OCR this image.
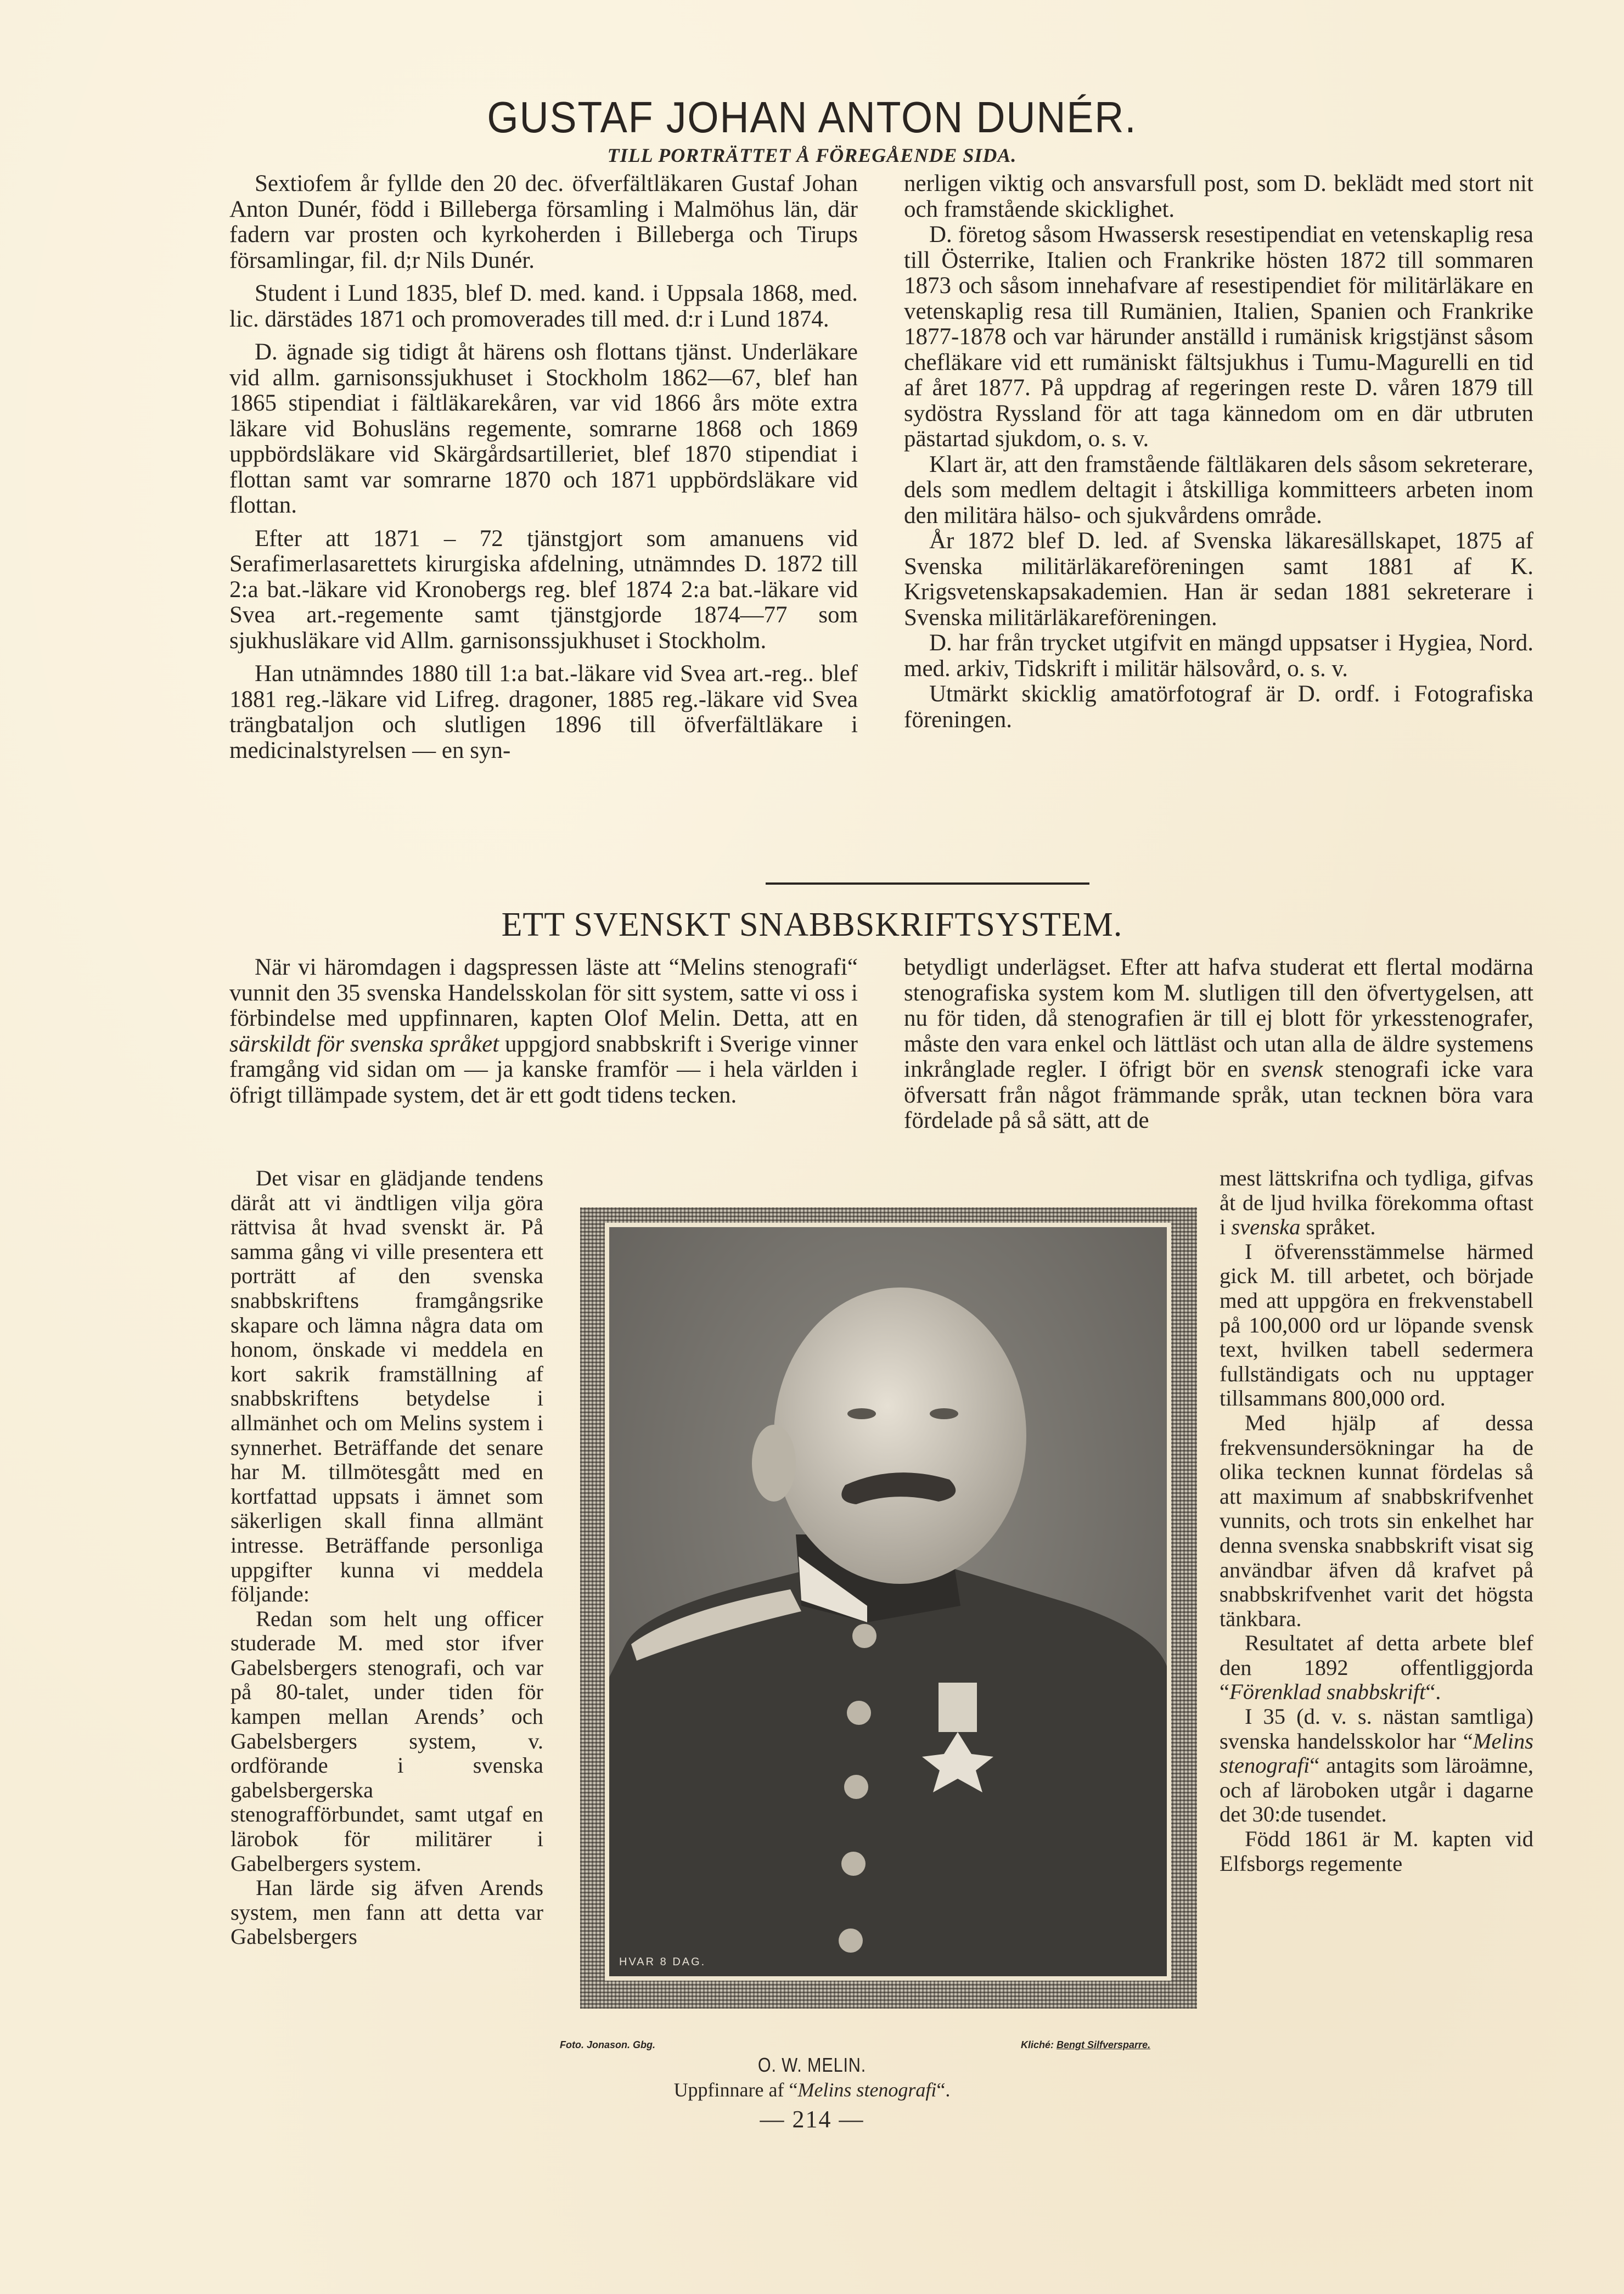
GUSTAF JOHAN ANTON DUNÉR.
TILL PORTRÄTTET Å FÖREGÅENDE SIDA.

Sextiofem år fyllde den 20 dec. öfverfältläkaren Gustaf Johan Anton Dunér, född i Billeberga församling i Malmöhus län, där fadern var prosten och kyrkoherden i Billeberga och Tirups församlingar, fil. d;r Nils Dunér.

Student i Lund 1835, blef D. med. kand. i Uppsala 1868, med. lic. därstädes 1871 och promoverades till med. d:r i Lund 1874.

D. ägnade sig tidigt åt härens osh flottans tjänst. Underläkare vid allm. garnisonssjukhuset i Stockholm 1862—67, blef han 1865 stipendiat i fältläkarekåren, var vid 1866 års möte extra läkare vid Bohusläns regemente, somrarne 1868 och 1869 uppbördsläkare vid Skärgårdsartilleriet, blef 1870 stipendiat i flottan samt var somrarne 1870 och 1871 uppbördsläkare vid flottan.

Efter att 1871 – 72 tjänstgjort som amanuens vid Serafimerlasarettets kirurgiska afdelning, utnämndes D. 1872 till 2:a bat.-läkare vid Kronobergs reg. blef 1874 2:a bat.-läkare vid Svea art.-regemente samt tjänstgjorde 1874—77 som sjukhusläkare vid Allm. garnisonssjukhuset i Stockholm.

Han utnämndes 1880 till 1:a bat.-läkare vid Svea art.-reg.. blef 1881 reg.-läkare vid Lifreg. dragoner, 1885 reg.-läkare vid Svea trängbataljon och slutligen 1896 till öfverfältläkare i medicinalstyrelsen — en syn-

nerligen viktig och ansvarsfull post, som D. beklädt med stort nit och framstående skicklighet.

D. företog såsom Hwassersk resestipendiat en vetenskaplig resa till Österrike, Italien och Frankrike hösten 1872 till sommaren 1873 och såsom innehafvare af resestipendiet för militärläkare en vetenskaplig resa till Rumänien, Italien, Spanien och Frankrike 1877-1878 och var härunder anställd i rumänisk krigstjänst såsom chefläkare vid ett rumäniskt fältsjukhus i Tumu-Magurelli en tid af året 1877. På uppdrag af regeringen reste D. våren 1879 till sydöstra Ryssland för att taga kännedom om en där utbruten pästartad sjukdom, o. s. v.

Klart är, att den framstående fältläkaren dels såsom sekreterare, dels som medlem deltagit i åtskilliga kommitteers arbeten inom den militära hälso- och sjukvårdens område.

År 1872 blef D. led. af Svenska läkaresällskapet, 1875 af Svenska militärläkareföreningen samt 1881 af K. Krigsvetenskapsakademien. Han är sedan 1881 sekreterare i Svenska militärläkareföreningen.

D. har från trycket utgifvit en mängd uppsatser i Hygiea, Nord. med. arkiv, Tidskrift i militär hälsovård, o. s. v.

Utmärkt skicklig amatörfotograf är D. ordf. i Fotografiska föreningen.

ETT SVENSKT SNABBSKRIFTSYSTEM.

När vi häromdagen i dagspressen läste att “Melins stenografi“ vunnit den 35 svenska Handelsskolan för sitt system, satte vi oss i förbindelse med uppfinnaren, kapten Olof Melin. Detta, att en särskildt för svenska språket uppgjord snabbskrift i Sverige vinner framgång vid sidan om — ja kanske framför — i hela världen i öfrigt tillämpade system, det är ett godt tidens tecken.

betydligt underlägset. Efter att hafva studerat ett flertal modärna stenografiska system kom M. slutligen till den öfvertygelsen, att nu för tiden, då stenografien är till ej blott för yrkesstenografer, måste den vara enkel och lättläst och utan alla de äldre systemens inkrånglade regler. I öfrigt bör en svensk stenografi icke vara öfversatt från något främmande språk, utan tecknen böra vara fördelade på så sätt, att de

Det visar en glädjande tendens däråt att vi ändtligen vilja göra rättvisa åt hvad svenskt är. På samma gång vi ville presentera ett porträtt af den svenska snabbskriftens framgångsrike skapare och lämna några data om honom, önskade vi meddela en kort sakrik framställning af snabbskriftens betydelse i allmänhet och om Melins system i synnerhet. Beträffande det senare har M. tillmötesgått med en kortfattad uppsats i ämnet som säkerligen skall finna allmänt intresse. Beträffande personliga uppgifter kunna vi meddela följande:

Redan som helt ung officer studerade M. med stor ifver Gabelsbergers stenografi, och var på 80-talet, under tiden för kampen mellan Arends’ och Gabelsbergers system, v. ordförande i svenska gabelsbergerska stenografförbundet, samt utgaf en lärobok för militärer i Gabelbergers system.

Han lärde sig äfven Arends system, men fann att detta var Gabelsbergers

mest lättskrifna och tydliga, gifvas åt de ljud hvilka förekomma oftast i svenska språket.

I öfverensstämmelse härmed gick M. till arbetet, och började med att uppgöra en frekvenstabell på 100,000 ord ur löpande svensk text, hvilken tabell sedermera fullständigats och nu upptager tillsammans 800,000 ord.

Med hjälp af dessa frekvensundersökningar ha de olika tecknen kunnat fördelas så att maximum af snabbskrifvenhet vunnits, och trots sin enkelhet har denna svenska snabbskrift visat sig användbar äfven då krafvet på snabbskrifvenhet varit det högsta tänkbara.

Resultatet af detta arbete blef den 1892 offentliggjorda “Förenklad snabbskrift“.

I 35 (d. v. s. nästan samtliga) svenska handelsskolor har “Melins stenografi“ antagits som läroämne, och af läroboken utgår i dagarne det 30:de tusendet.

Född 1861 är M. kapten vid Elfsborgs regemente

HVAR 8 DAG.
Foto. Jonason. Gbg.	Kliché: Bengt Silfversparre.
O. W. MELIN.
Uppfinnare af “Melins stenografi“.
— 214 —
